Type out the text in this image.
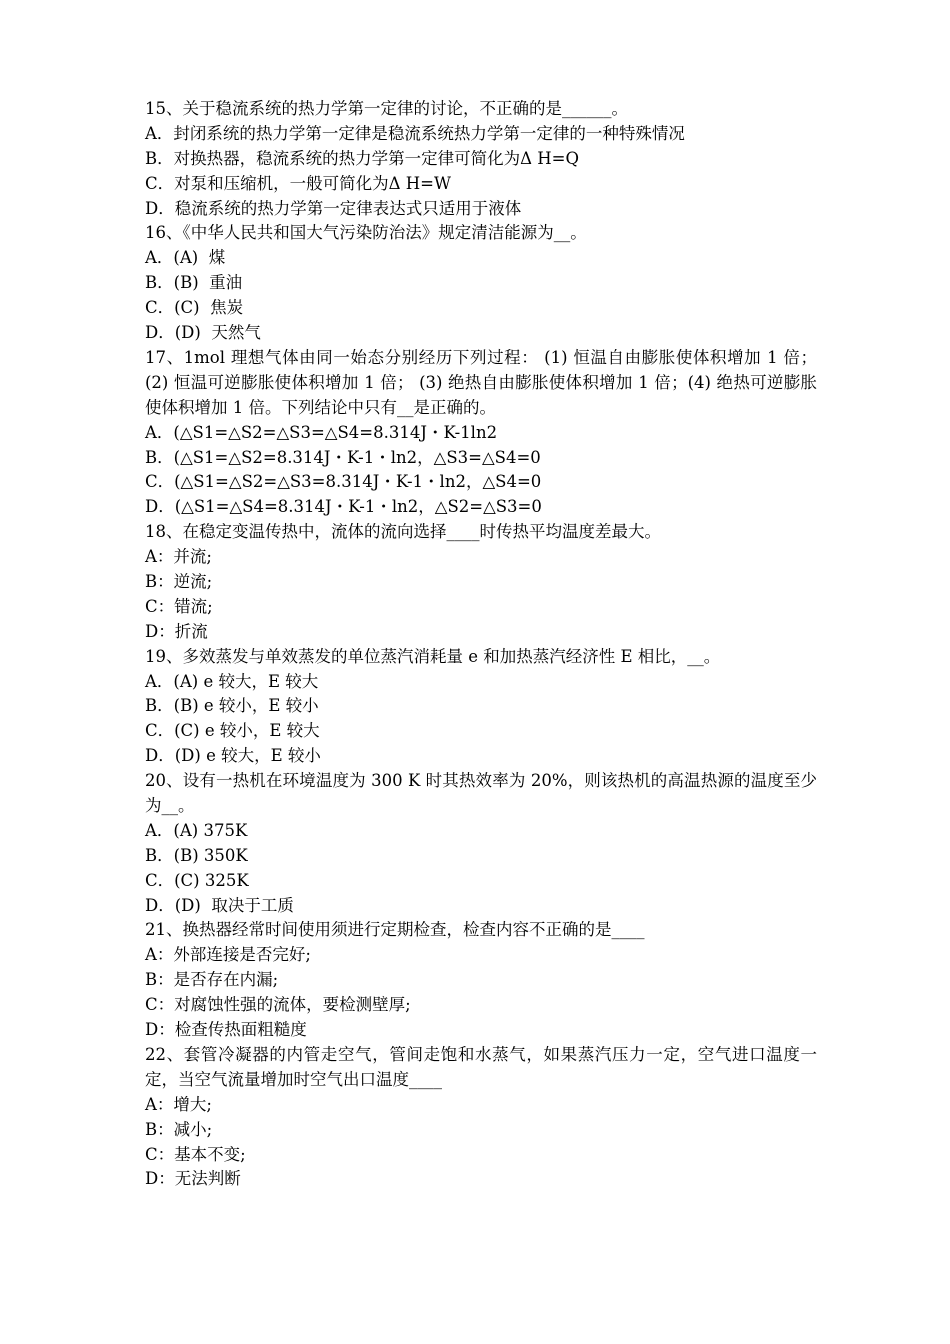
15、关于稳流系统的热力学第一定律的讨论，不正确的是______。
A．封闭系统的热力学第一定律是稳流系统热力学第一定律的一种特殊情况
B．对换热器，稳流系统的热力学第一定律可简化为Δ H=Q
C．对泵和压缩机，一般可简化为Δ H=W
D．稳流系统的热力学第一定律表达式只适用于液体
16、《中华人民共和国大气污染防治法》规定清洁能源为__。
A．(A)  煤
B．(B)  重油
C．(C)  焦炭
D．(D)  天然气
17、1mol 理想气体由同一始态分别经历下列过程： (1) 恒温自由膨胀使体积增加 1 倍；(2) 恒温可逆膨胀使体积增加 1 倍； (3) 绝热自由膨胀使体积增加 1 倍；(4) 绝热可逆膨胀使体积增加 1 倍。下列结论中只有__是正确的。
A．(△S1=△S2=△S3=△S4=8.314J・K-1ln2
B．(△S1=△S2=8.314J・K-1・ln2，△S3=△S4=0
C．(△S1=△S2=△S3=8.314J・K-1・ln2，△S4=0
D．(△S1=△S4=8.314J・K-1・ln2，△S2=△S3=0
18、在稳定变温传热中，流体的流向选择____时传热平均温度差最大。
A：并流;
B：逆流;
C：错流;
D：折流
19、多效蒸发与单效蒸发的单位蒸汽消耗量 e 和加热蒸汽经济性 E 相比，__。
A．(A) e 较大，E 较大
B．(B) e 较小，E 较小
C．(C) e 较小，E 较大
D．(D) e 较大，E 较小
20、设有一热机在环境温度为 300 K 时其热效率为 20%，则该热机的高温热源的温度至少为__。
A．(A) 375K
B．(B) 350K
C．(C) 325K
D．(D)  取决于工质
21、换热器经常时间使用须进行定期检查，检查内容不正确的是____
A：外部连接是否完好;
B：是否存在内漏;
C：对腐蚀性强的流体，要检测壁厚;
D：检查传热面粗糙度
22、套管冷凝器的内管走空气，管间走饱和水蒸气，如果蒸汽压力一定，空气进口温度一定，当空气流量增加时空气出口温度____
A：增大;
B：减小;
C：基本不变;
D：无法判断
